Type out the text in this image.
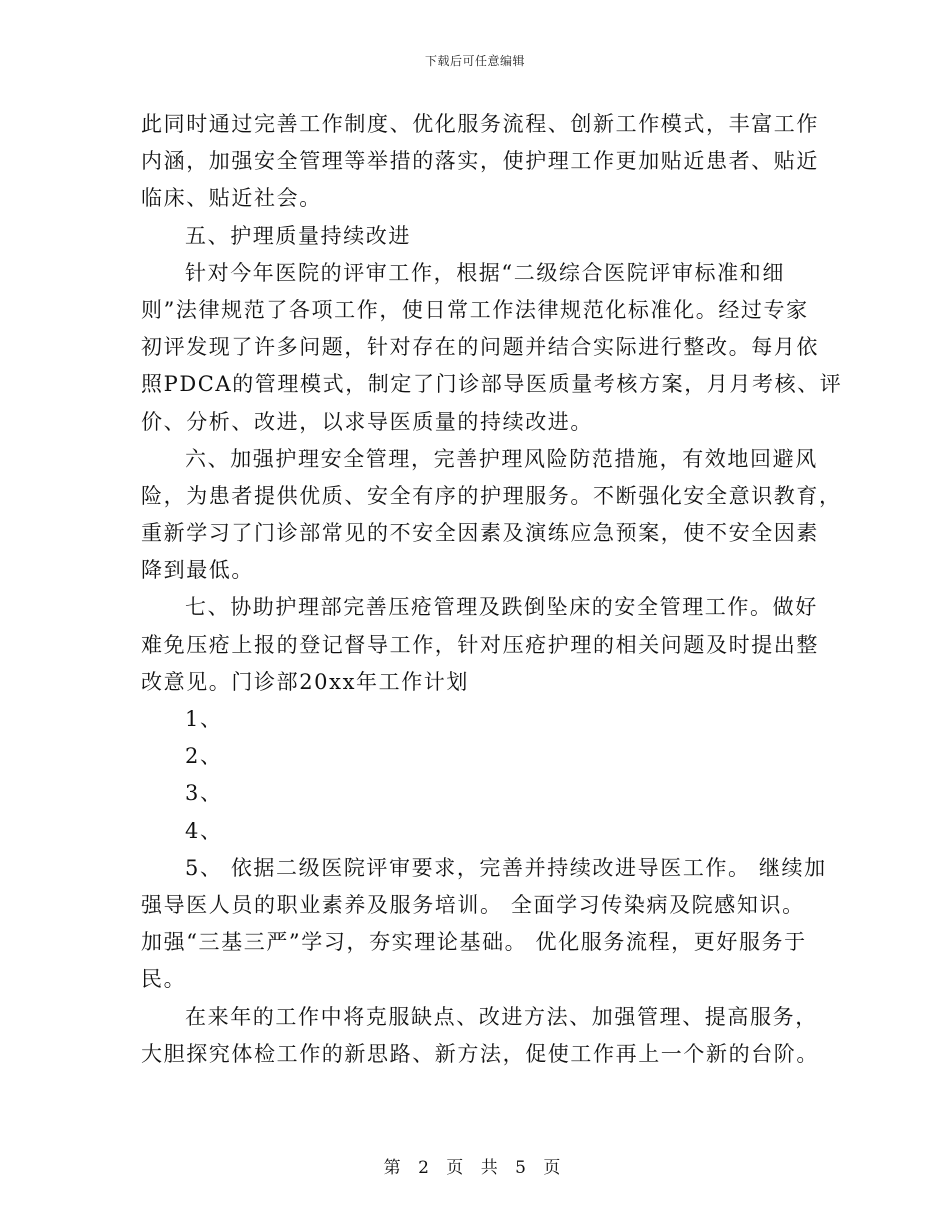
下载后可任意编辑
此同时通过完善工作制度、优化服务流程、创新工作模式，丰富工作
内涵，加强安全管理等举措的落实，使护理工作更加贴近患者、贴近
临床、贴近社会。
五、护理质量持续改进
针对今年医院的评审工作，根据“二级综合医院评审标准和细
则”法律规范了各项工作，使日常工作法律规范化标准化。经过专家
初评发现了许多问题，针对存在的问题并结合实际进行整改。每月依
照PDCA的管理模式，制定了门诊部导医质量考核方案，月月考核、评
价、分析、改进，以求导医质量的持续改进。
六、加强护理安全管理，完善护理风险防范措施，有效地回避风
险，为患者提供优质、安全有序的护理服务。不断强化安全意识教育，
重新学习了门诊部常见的不安全因素及演练应急预案，使不安全因素
降到最低。
七、协助护理部完善压疮管理及跌倒坠床的安全管理工作。做好
难免压疮上报的登记督导工作，针对压疮护理的相关问题及时提出整
改意见。门诊部20xx年工作计划
1、
2、
3、
4、
5、 依据二级医院评审要求，完善并持续改进导医工作。 继续加
强导医人员的职业素养及服务培训。 全面学习传染病及院感知识。
加强“三基三严”学习，夯实理论基础。 优化服务流程，更好服务于
民。
在来年的工作中将克服缺点、改进方法、加强管理、提高服务，
大胆探究体检工作的新思路、新方法，促使工作再上一个新的台阶。
第 2 页 共 5 页
